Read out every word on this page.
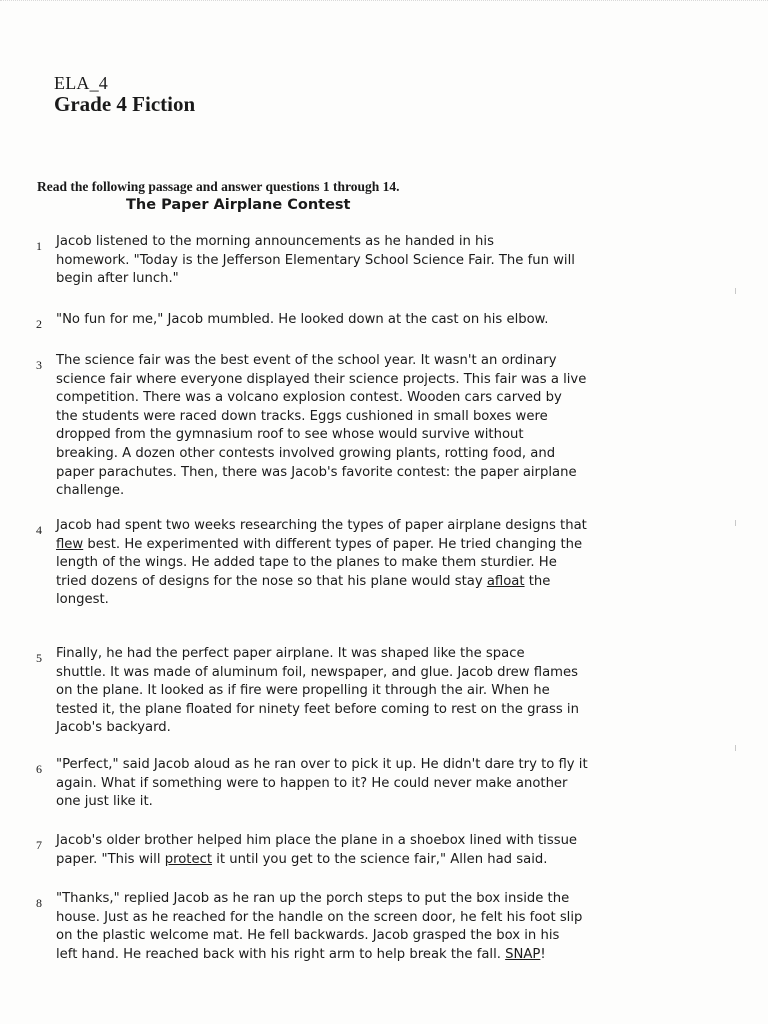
ELA_4
Grade 4 Fiction
Read the following passage and answer questions 1 through 14.
The Paper Airplane Contest
1 Jacob listened to the morning announcements as he handed in his
homework. "Today is the Jefferson Elementary School Science Fair. The fun will
begin after lunch."
2 "No fun for me," Jacob mumbled. He looked down at the cast on his elbow.
3 The science fair was the best event of the school year. It wasn't an ordinary
science fair where everyone displayed their science projects. This fair was a live
competition. There was a volcano explosion contest. Wooden cars carved by
the students were raced down tracks. Eggs cushioned in small boxes were
dropped from the gymnasium roof to see whose would survive without
breaking. A dozen other contests involved growing plants, rotting food, and
paper parachutes. Then, there was Jacob's favorite contest: the paper airplane
challenge.
4 Jacob had spent two weeks researching the types of paper airplane designs that
flew best. He experimented with different types of paper. He tried changing the
length of the wings. He added tape to the planes to make them sturdier. He
tried dozens of designs for the nose so that his plane would stay afloat the
longest.
5 Finally, he had the perfect paper airplane. It was shaped like the space
shuttle. It was made of aluminum foil, newspaper, and glue. Jacob drew flames
on the plane. It looked as if fire were propelling it through the air. When he
tested it, the plane floated for ninety feet before coming to rest on the grass in
Jacob's backyard.
6 "Perfect," said Jacob aloud as he ran over to pick it up. He didn't dare try to fly it
again. What if something were to happen to it? He could never make another
one just like it.
7 Jacob's older brother helped him place the plane in a shoebox lined with tissue
paper. "This will protect it until you get to the science fair," Allen had said.
8 "Thanks," replied Jacob as he ran up the porch steps to put the box inside the
house. Just as he reached for the handle on the screen door, he felt his foot slip
on the plastic welcome mat. He fell backwards. Jacob grasped the box in his
left hand. He reached back with his right arm to help break the fall. SNAP!
